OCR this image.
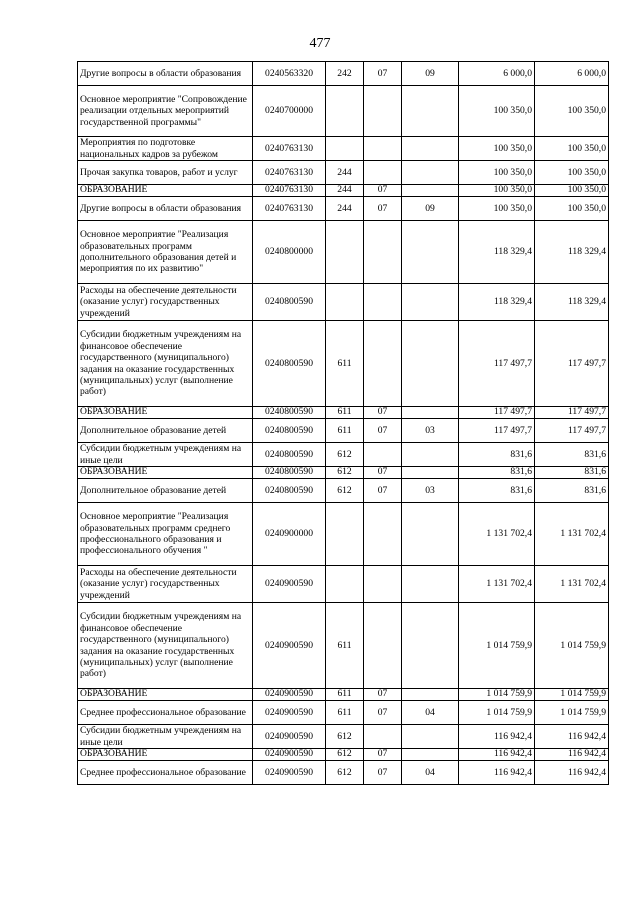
477
Другие вопросы в области образования	0240563320	242	07	09	6 000,0	6 000,0
Основное мероприятие "Сопровождение реализации отдельных мероприятий государственной программы"	0240700000				100 350,0	100 350,0
Мероприятия по подготовке национальных кадров за рубежом	0240763130				100 350,0	100 350,0
Прочая закупка товаров, работ и услуг	0240763130	244			100 350,0	100 350,0
ОБРАЗОВАНИЕ	0240763130	244	07		100 350,0	100 350,0
Другие вопросы в области образования	0240763130	244	07	09	100 350,0	100 350,0
Основное мероприятие "Реализация образовательных программ дополнительного образования детей и мероприятия по их развитию"	0240800000				118 329,4	118 329,4
Расходы на обеспечение деятельности (оказание услуг) государственных учреждений	0240800590				118 329,4	118 329,4
Субсидии бюджетным учреждениям на финансовое обеспечение государственного (муниципального) задания на оказание государственных (муниципальных) услуг (выполнение работ)	0240800590	611			117 497,7	117 497,7
ОБРАЗОВАНИЕ	0240800590	611	07		117 497,7	117 497,7
Дополнительное образование детей	0240800590	611	07	03	117 497,7	117 497,7
Субсидии бюджетным учреждениям на иные цели	0240800590	612			831,6	831,6
ОБРАЗОВАНИЕ	0240800590	612	07		831,6	831,6
Дополнительное образование детей	0240800590	612	07	03	831,6	831,6
Основное мероприятие "Реализация образовательных программ среднего профессионального образования и профессионального обучения "	0240900000				1 131 702,4	1 131 702,4
Расходы на обеспечение деятельности (оказание услуг) государственных учреждений	0240900590				1 131 702,4	1 131 702,4
Субсидии бюджетным учреждениям на финансовое обеспечение государственного (муниципального) задания на оказание государственных (муниципальных) услуг (выполнение работ)	0240900590	611			1 014 759,9	1 014 759,9
ОБРАЗОВАНИЕ	0240900590	611	07		1 014 759,9	1 014 759,9
Среднее профессиональное образование	0240900590	611	07	04	1 014 759,9	1 014 759,9
Субсидии бюджетным учреждениям на иные цели	0240900590	612			116 942,4	116 942,4
ОБРАЗОВАНИЕ	0240900590	612	07		116 942,4	116 942,4
Среднее профессиональное образование	0240900590	612	07	04	116 942,4	116 942,4
